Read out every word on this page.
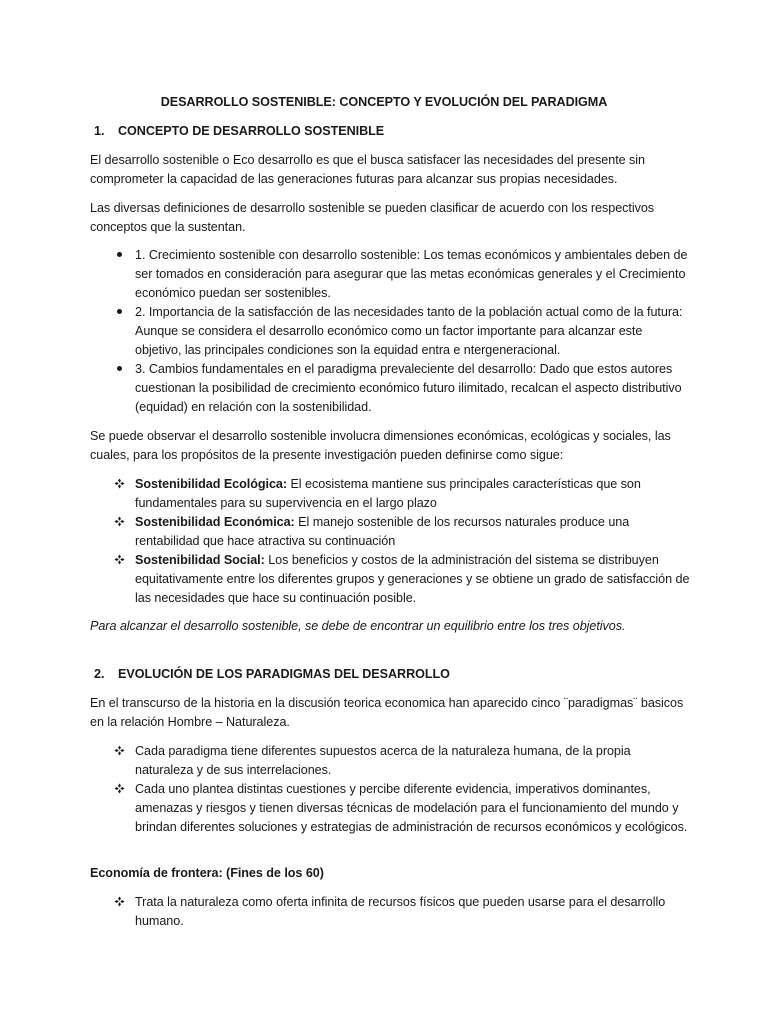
DESARROLLO SOSTENIBLE: CONCEPTO Y EVOLUCIÓN DEL PARADIGMA
1. CONCEPTO DE DESARROLLO SOSTENIBLE

El desarrollo sostenible o Eco desarrollo es que el busca satisfacer las necesidades del presente sin comprometer la capacidad de las generaciones futuras para alcanzar sus propias necesidades.

Las diversas definiciones de desarrollo sostenible se pueden clasificar de acuerdo con los respectivos conceptos que la sustentan.

1. Crecimiento sostenible con desarrollo sostenible: Los temas económicos y ambientales deben de ser tomados en consideración para asegurar que las metas económicas generales y el Crecimiento económico puedan ser sostenibles.
2. Importancia de la satisfacción de las necesidades tanto de la población actual como de la futura: Aunque se considera el desarrollo económico como un factor importante para alcanzar este objetivo, las principales condiciones son la equidad entra e ntergeneracional.
3. Cambios fundamentales en el paradigma prevaleciente del desarrollo: Dado que estos autores cuestionan la posibilidad de crecimiento económico futuro ilimitado, recalcan el aspecto distributivo (equidad) en relación con la sostenibilidad.

Se puede observar el desarrollo sostenible involucra dimensiones económicas, ecológicas y sociales, las cuales, para los propósitos de la presente investigación pueden definirse como sigue:

Sostenibilidad Ecológica: El ecosistema mantiene sus principales características que son fundamentales para su supervivencia en el largo plazo
Sostenibilidad Económica: El manejo sostenible de los recursos naturales produce una rentabilidad que hace atractiva su continuación
Sostenibilidad Social: Los beneficios y costos de la administración del sistema se distribuyen equitativamente entre los diferentes grupos y generaciones y se obtiene un grado de satisfacción de las necesidades que hace su continuación posible.

Para alcanzar el desarrollo sostenible, se debe de encontrar un equilibrio entre los tres objetivos.

2. EVOLUCIÓN DE LOS PARADIGMAS DEL DESARROLLO

En el transcurso de la historia en la discusión teorica economica han aparecido cinco ¨paradigmas¨ basicos en la relación Hombre – Naturaleza.

Cada paradigma tiene diferentes supuestos acerca de la naturaleza humana, de la propia naturaleza y de sus interrelaciones.
Cada uno plantea distintas cuestiones y percibe diferente evidencia, imperativos dominantes, amenazas y riesgos y tienen diversas técnicas de modelación para el funcionamiento del mundo y brindan diferentes soluciones y estrategias de administración de recursos económicos y ecológicos.
Economía de frontera: (Fines de los 60)
Trata la naturaleza como oferta infinita de recursos físicos que pueden usarse para el desarrollo humano.
